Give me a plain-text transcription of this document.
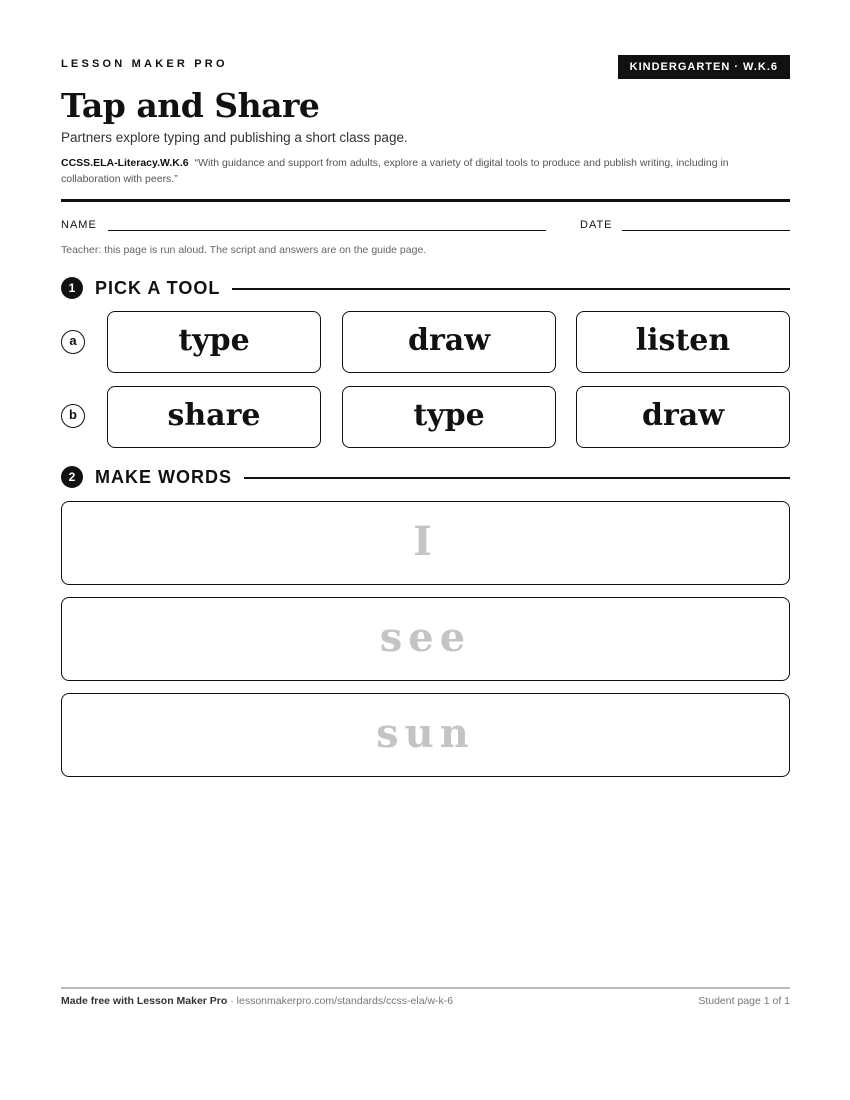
LESSON MAKER PRO	KINDERGARTEN · W.K.6
Tap and Share
Partners explore typing and publishing a short class page.
CCSS.ELA-Literacy.W.K.6 “With guidance and support from adults, explore a variety of digital tools to produce and publish writing, including in collaboration with peers.”
NAME	DATE
Teacher: this page is run aloud. The script and answers are on the guide page.
1	PICK A TOOL
a	type	draw	listen
b	share	type	draw
2	MAKE WORDS
I
see
sun
Made free with Lesson Maker Pro · lessonmakerpro.com/standards/ccss-ela/w-k-6	Student page 1 of 1
